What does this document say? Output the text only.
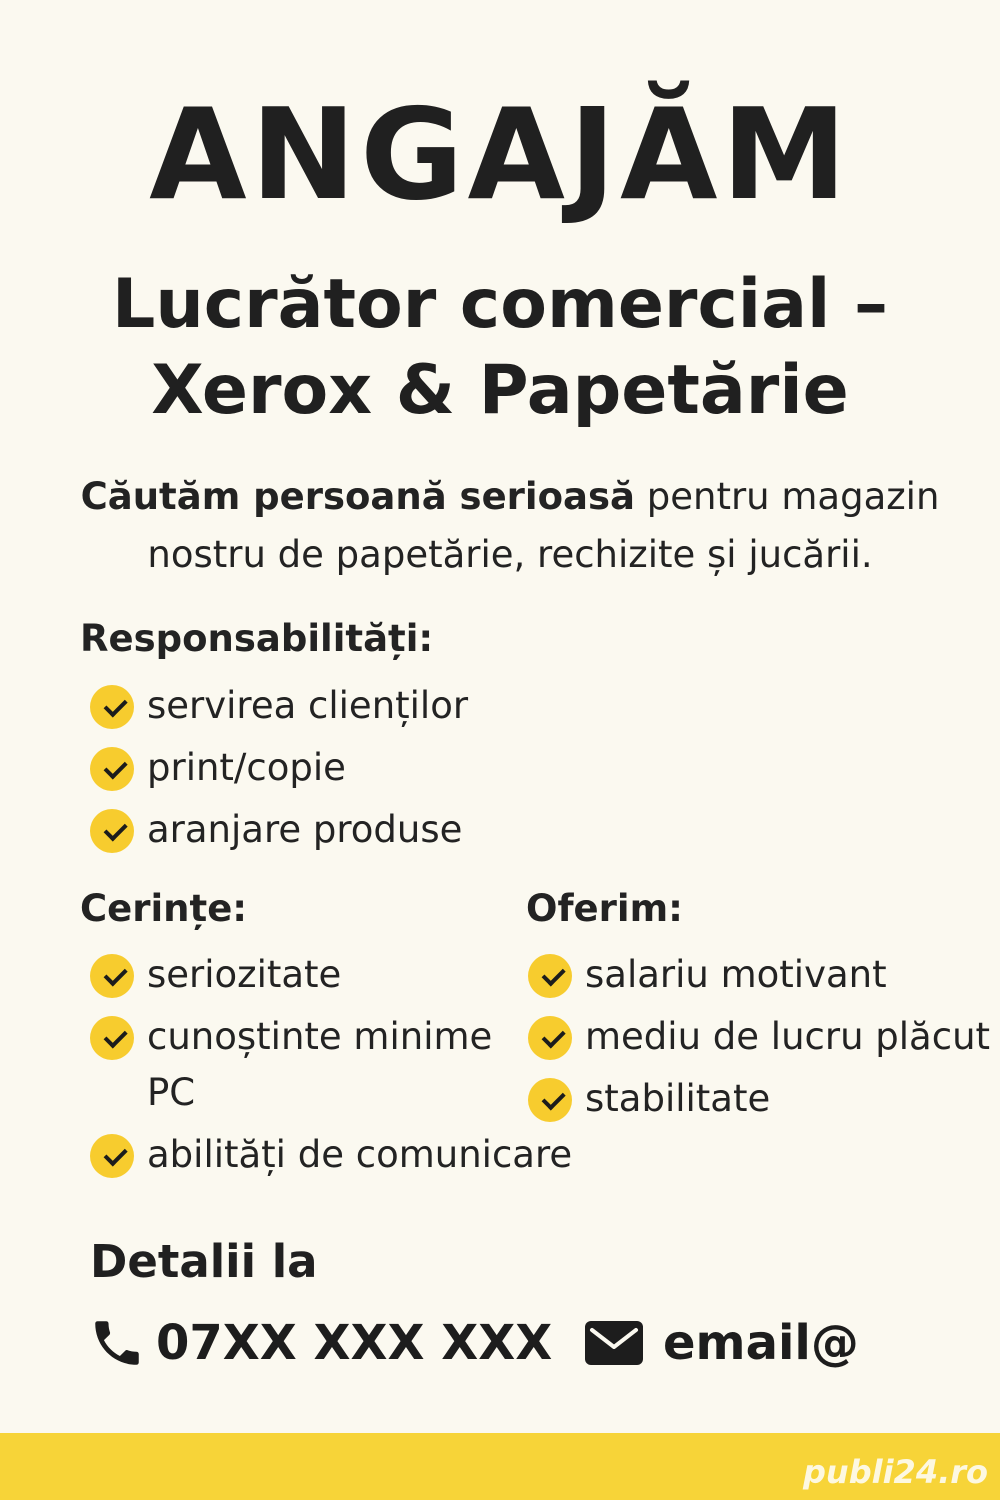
ANGAJĂM
Lucrător comercial –
Xerox & Papetărie
Căutăm persoană serioasă pentru magazin
nostru de papetărie, rechizite și jucării.
Responsabilități:
servirea clienților
print/copie
aranjare produse
Cerințe:
seriozitate
cunoștinte minime PC
abilități de comunicare
Oferim:
salariu motivant
mediu de lucru plăcut
stabilitate
Detalii la
07XX XXX XXX email@
publi24.ro
